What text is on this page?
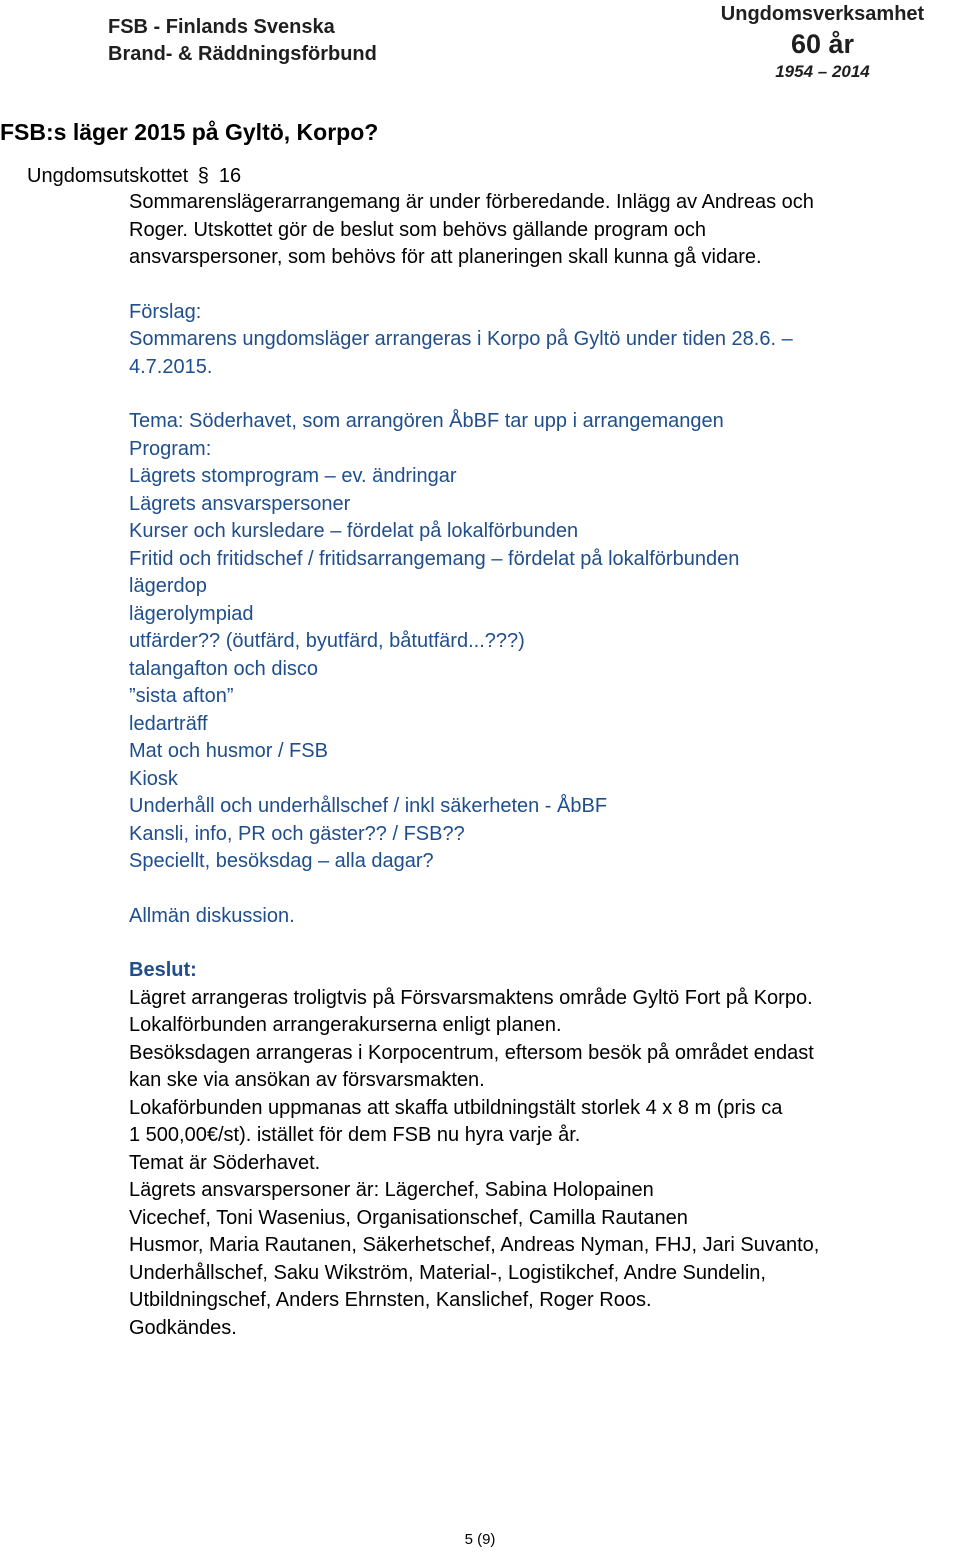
FSB - Finlands Svenska
Brand- & Räddningsförbund
Ungdomsverksamhet
60 år
1954 – 2014
FSB:s läger 2015 på Gyltö, Korpo?
Ungdomsutskottet § 16

Sommarenslägerarrangemang är under förberedande. Inlägg av Andreas och

Roger. Utskottet gör de beslut som behövs gällande program och

ansvarspersoner, som behövs för att planeringen skall kunna gå vidare.

Förslag:

Sommarens ungdomsläger arrangeras i Korpo på Gyltö under tiden 28.6. –

4.7.2015.

Tema: Söderhavet, som arrangören ÅbBF tar upp i arrangemangen

Program:

Lägrets stomprogram – ev. ändringar

Lägrets ansvarspersoner

Kurser och kursledare – fördelat på lokalförbunden

Fritid och fritidschef / fritidsarrangemang – fördelat på lokalförbunden

lägerdop

lägerolympiad

utfärder?? (öutfärd, byutfärd, båtutfärd...???)

talangafton och disco

”sista afton”

ledarträff

Mat och husmor / FSB

Kiosk

Underhåll och underhållschef / inkl säkerheten - ÅbBF

Kansli, info, PR och gäster?? / FSB??

Speciellt, besöksdag – alla dagar?

Allmän diskussion.

Beslut:

Lägret arrangeras troligtvis på Försvarsmaktens område Gyltö Fort på Korpo.

Lokalförbunden arrangerakurserna enligt planen.

Besöksdagen arrangeras i Korpocentrum, eftersom besök på området endast

kan ske via ansökan av försvarsmakten.

Lokaförbunden uppmanas att skaffa utbildningstält storlek 4 x 8 m (pris ca

1 500,00€/st). istället för dem FSB nu hyra varje år.

Temat är Söderhavet.

Lägrets ansvarspersoner är: Lägerchef, Sabina Holopainen

Vicechef, Toni Wasenius, Organisationschef, Camilla Rautanen

Husmor, Maria Rautanen, Säkerhetschef, Andreas Nyman, FHJ, Jari Suvanto,

Underhållschef, Saku Wikström, Material-, Logistikchef, Andre Sundelin,

Utbildningschef, Anders Ehrnsten, Kanslichef, Roger Roos.

Godkändes.

5 (9)
